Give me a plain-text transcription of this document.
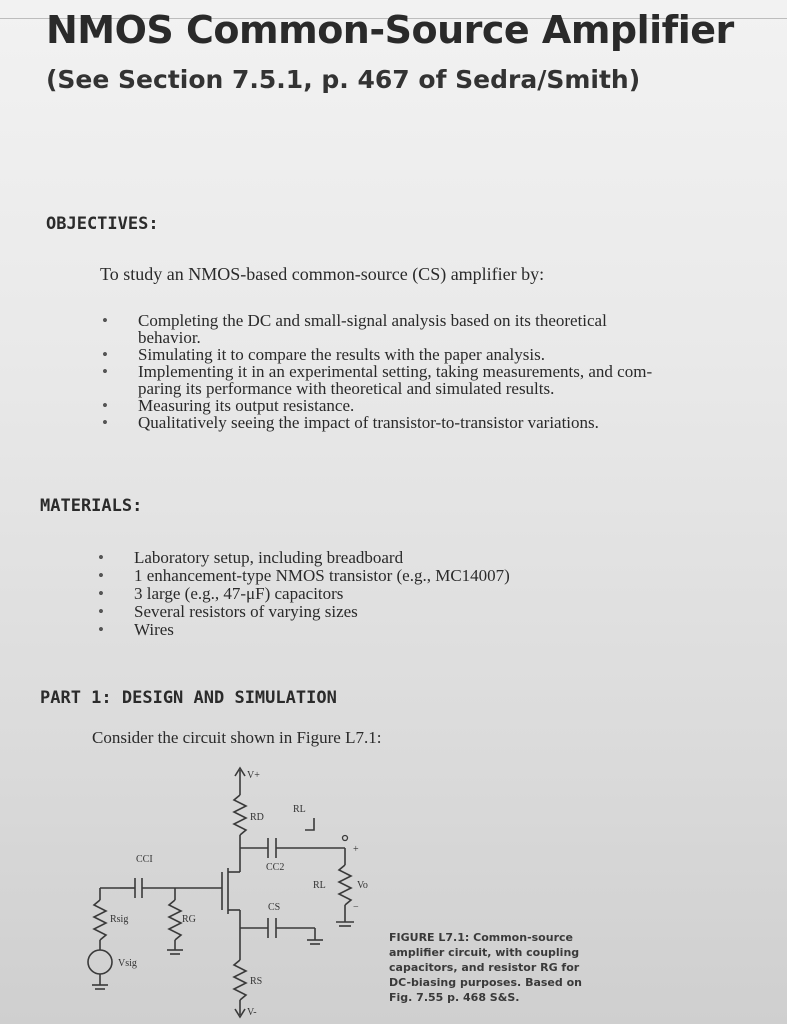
NMOS Common-Source Amplifier
(See Section 7.5.1, p. 467 of Sedra/Smith)
OBJECTIVES:
To study an NMOS-based common-source (CS) amplifier by:
• Completing the DC and small-signal analysis based on its theoretical
behavior.
• Simulating it to compare the results with the paper analysis.
• Implementing it in an experimental setting, taking measurements, and com-
paring its performance with theoretical and simulated results.
• Measuring its output resistance.
• Qualitatively seeing the impact of transistor-to-transistor variations.
MATERIALS:
• Laboratory setup, including breadboard
• 1 enhancement-type NMOS transistor (e.g., MC14007)
• 3 large (e.g., 47-μF) capacitors
• Several resistors of varying sizes
• Wires
PART 1: DESIGN AND SIMULATION
Consider the circuit shown in Figure L7.1:
V+
RD
RL
CC2
RL
+
Vo
−
CCI
RG
Rsig
Vsig
CS
RS
V-
FIGURE L7.1: Common-source amplifier circuit, with coupling capacitors, and resistor RG for DC-biasing purposes. Based on Fig. 7.55 p. 468 S&S.
